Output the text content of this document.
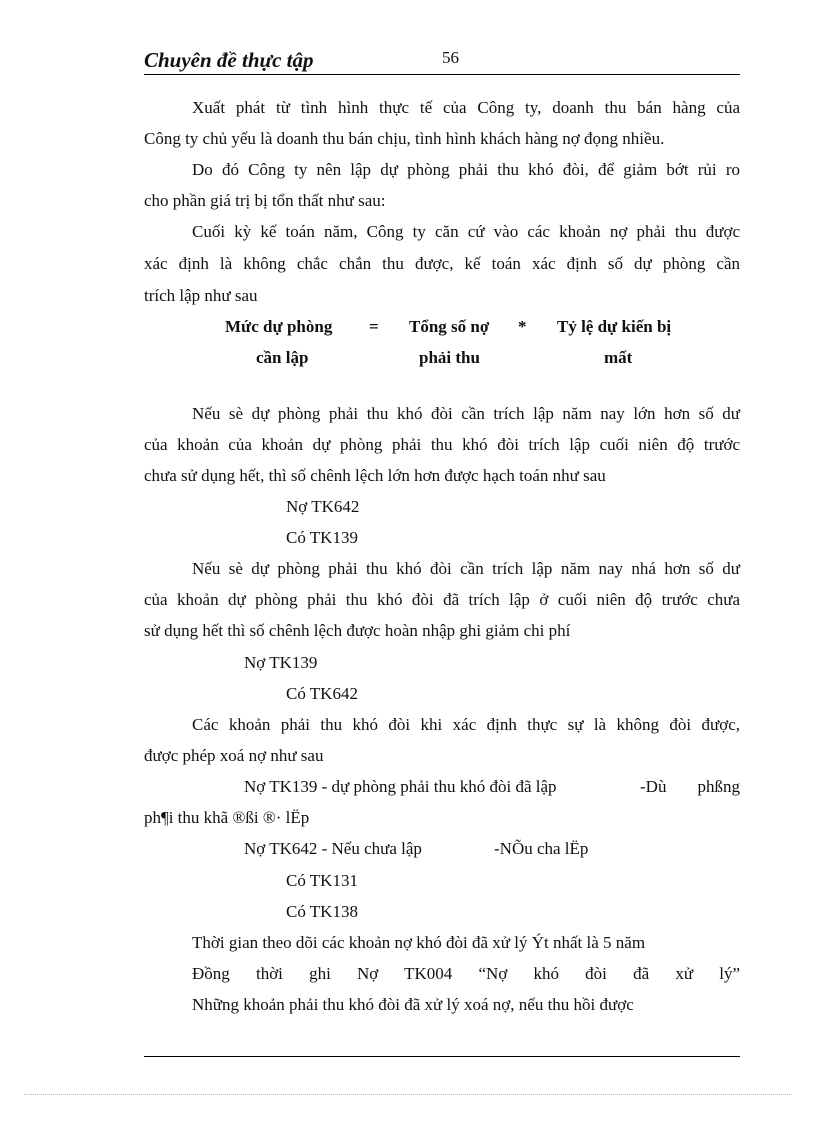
Chuyên đề thực tập	56
Xuất phát từ tình hình thực tế của Công ty, doanh thu bán hàng của
Công ty chủ yếu là doanh thu bán chịu, tình hình khách hàng nợ đọng nhiều.
Do đó Công ty nên lập dự phòng phải thu khó đòi, để giảm bớt rủi ro
cho phần giá trị bị tổn thất như sau:
Cuối kỳ kế toán năm, Công ty căn cứ vào các khoản nợ phải thu được
xác định là không chắc chắn thu được, kế toán xác định số dự phòng cần
trích lập như sau
Mức dự phòng
cần lập
= Tổng số nợ
phải thu
* Tỷ lệ dự kiến bị
mất
Nếu sè dự phòng phải thu khó đòi cần trích lập năm nay lớn hơn số dư
của khoản của khoản dự phòng phải thu khó đòi trích lập cuối niên độ trước
chưa sử dụng hết, thì số chênh lệch lớn hơn được hạch toán như sau
Nợ TK642
Có TK139
Nếu sè dự phòng phải thu khó đòi cần trích lập năm nay nhá hơn số dư
của khoản dự phòng phải thu khó đòi đã trích lập ở cuối niên độ trước chưa
sử dụng hết thì số chênh lệch được hoàn nhập ghi giảm chi phí
Nợ TK139
Có TK642
Các khoản phải thu khó đòi khi xác định thực sự là không đòi được,
được phép xoá nợ như sau
Nợ TK139 - dự phòng phải thu khó đòi đã lập	-Dù phßng
ph¶i thu khã ®ßi ®· lËp
Nợ TK642 - Nếu chưa lập	-NÕu cha lËp
Có TK131
Có TK138
Thời gian theo dõi các khoản nợ khó đòi đã xử lý Ýt nhất là 5 năm
Đồng thời ghi Nợ TK004 “Nợ khó đòi đã xử lý”
Những khoản phải thu khó đòi đã xử lý xoá nợ, nếu thu hồi được
